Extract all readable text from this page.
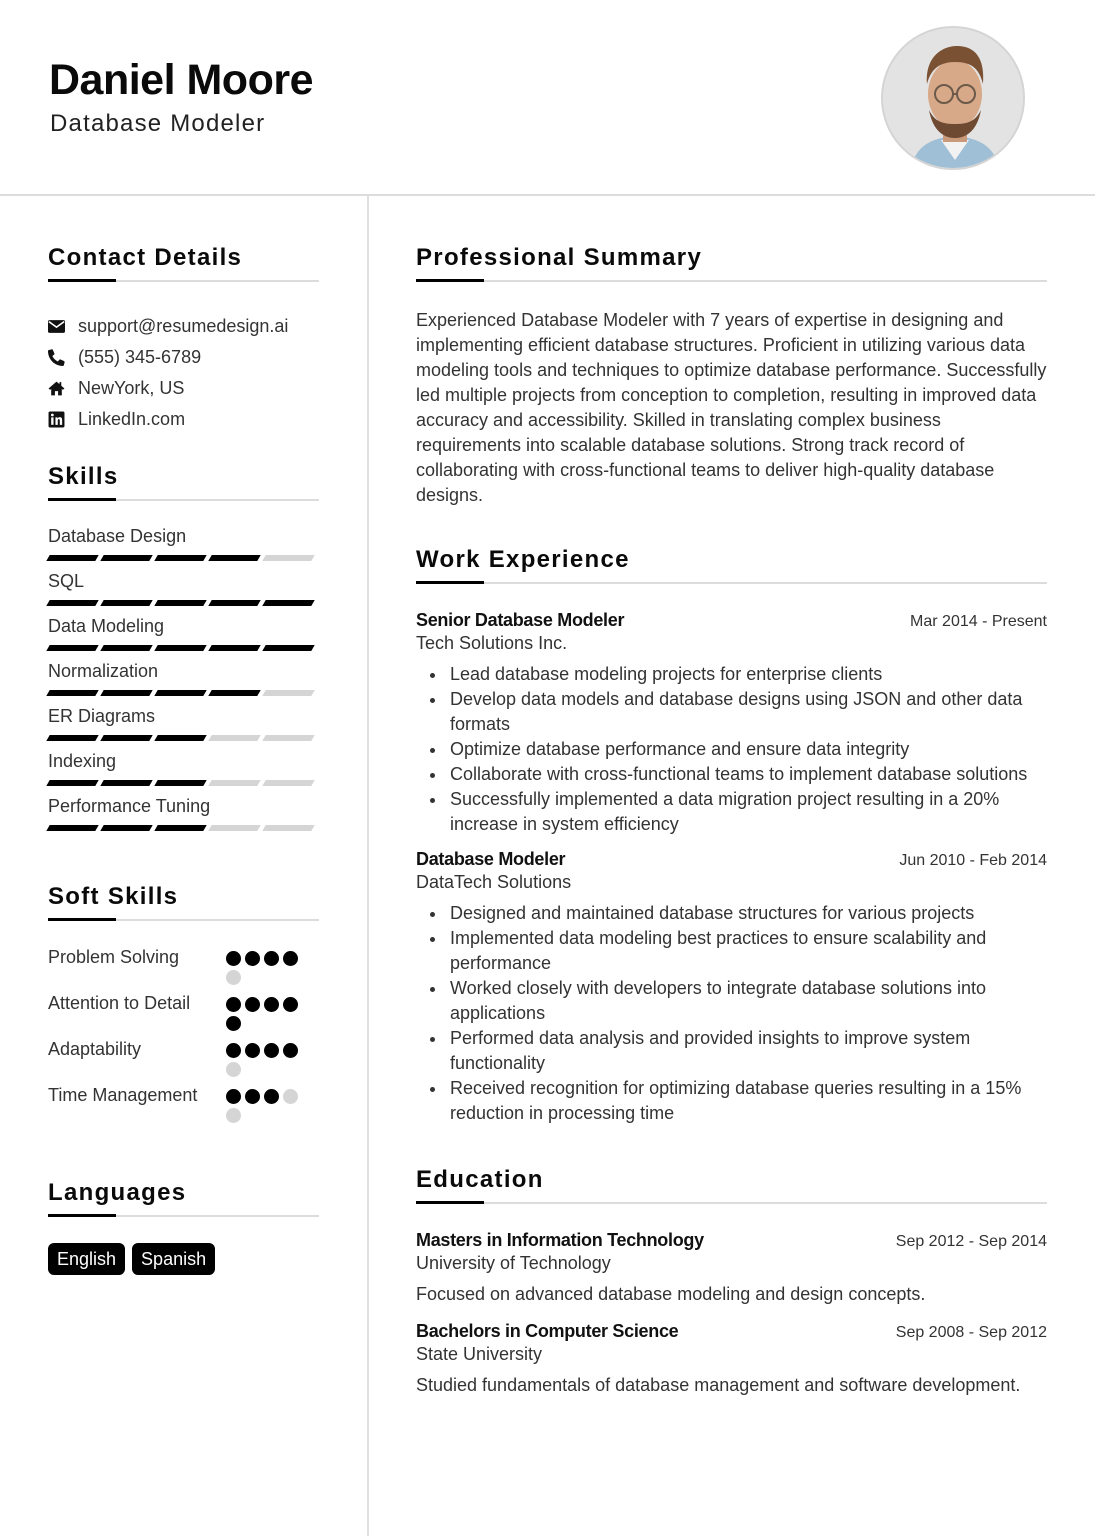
Daniel Moore
Database Modeler
Contact Details
support@resumedesign.ai
(555) 345-6789
NewYork, US
LinkedIn.com
Skills
Database Design
SQL
Data Modeling
Normalization
ER Diagrams
Indexing
Performance Tuning
Soft Skills
Problem Solving
Attention to Detail
Adaptability
Time Management
Languages
English	Spanish
Professional Summary

Experienced Database Modeler with 7 years of expertise in designing and implementing efficient database structures. Proficient in utilizing various data modeling tools and techniques to optimize database performance. Successfully led multiple projects from conception to completion, resulting in improved data accuracy and accessibility. Skilled in translating complex business requirements into scalable database solutions. Strong track record of collaborating with cross-functional teams to deliver high-quality database designs.

Work Experience
Senior Database Modeler	Mar 2014 - Present
Tech Solutions Inc.
Lead database modeling projects for enterprise clients
Develop data models and database designs using JSON and other data formats
Optimize database performance and ensure data integrity
Collaborate with cross-functional teams to implement database solutions
Successfully implemented a data migration project resulting in a 20% increase in system efficiency
Database Modeler	Jun 2010 - Feb 2014
DataTech Solutions
Designed and maintained database structures for various projects
Implemented data modeling best practices to ensure scalability and performance
Worked closely with developers to integrate database solutions into applications
Performed data analysis and provided insights to improve system functionality
Received recognition for optimizing database queries resulting in a 15% reduction in processing time
Education
Masters in Information Technology	Sep 2012 - Sep 2014
University of Technology

Focused on advanced database modeling and design concepts.

Bachelors in Computer Science	Sep 2008 - Sep 2012
State University

Studied fundamentals of database management and software development.
